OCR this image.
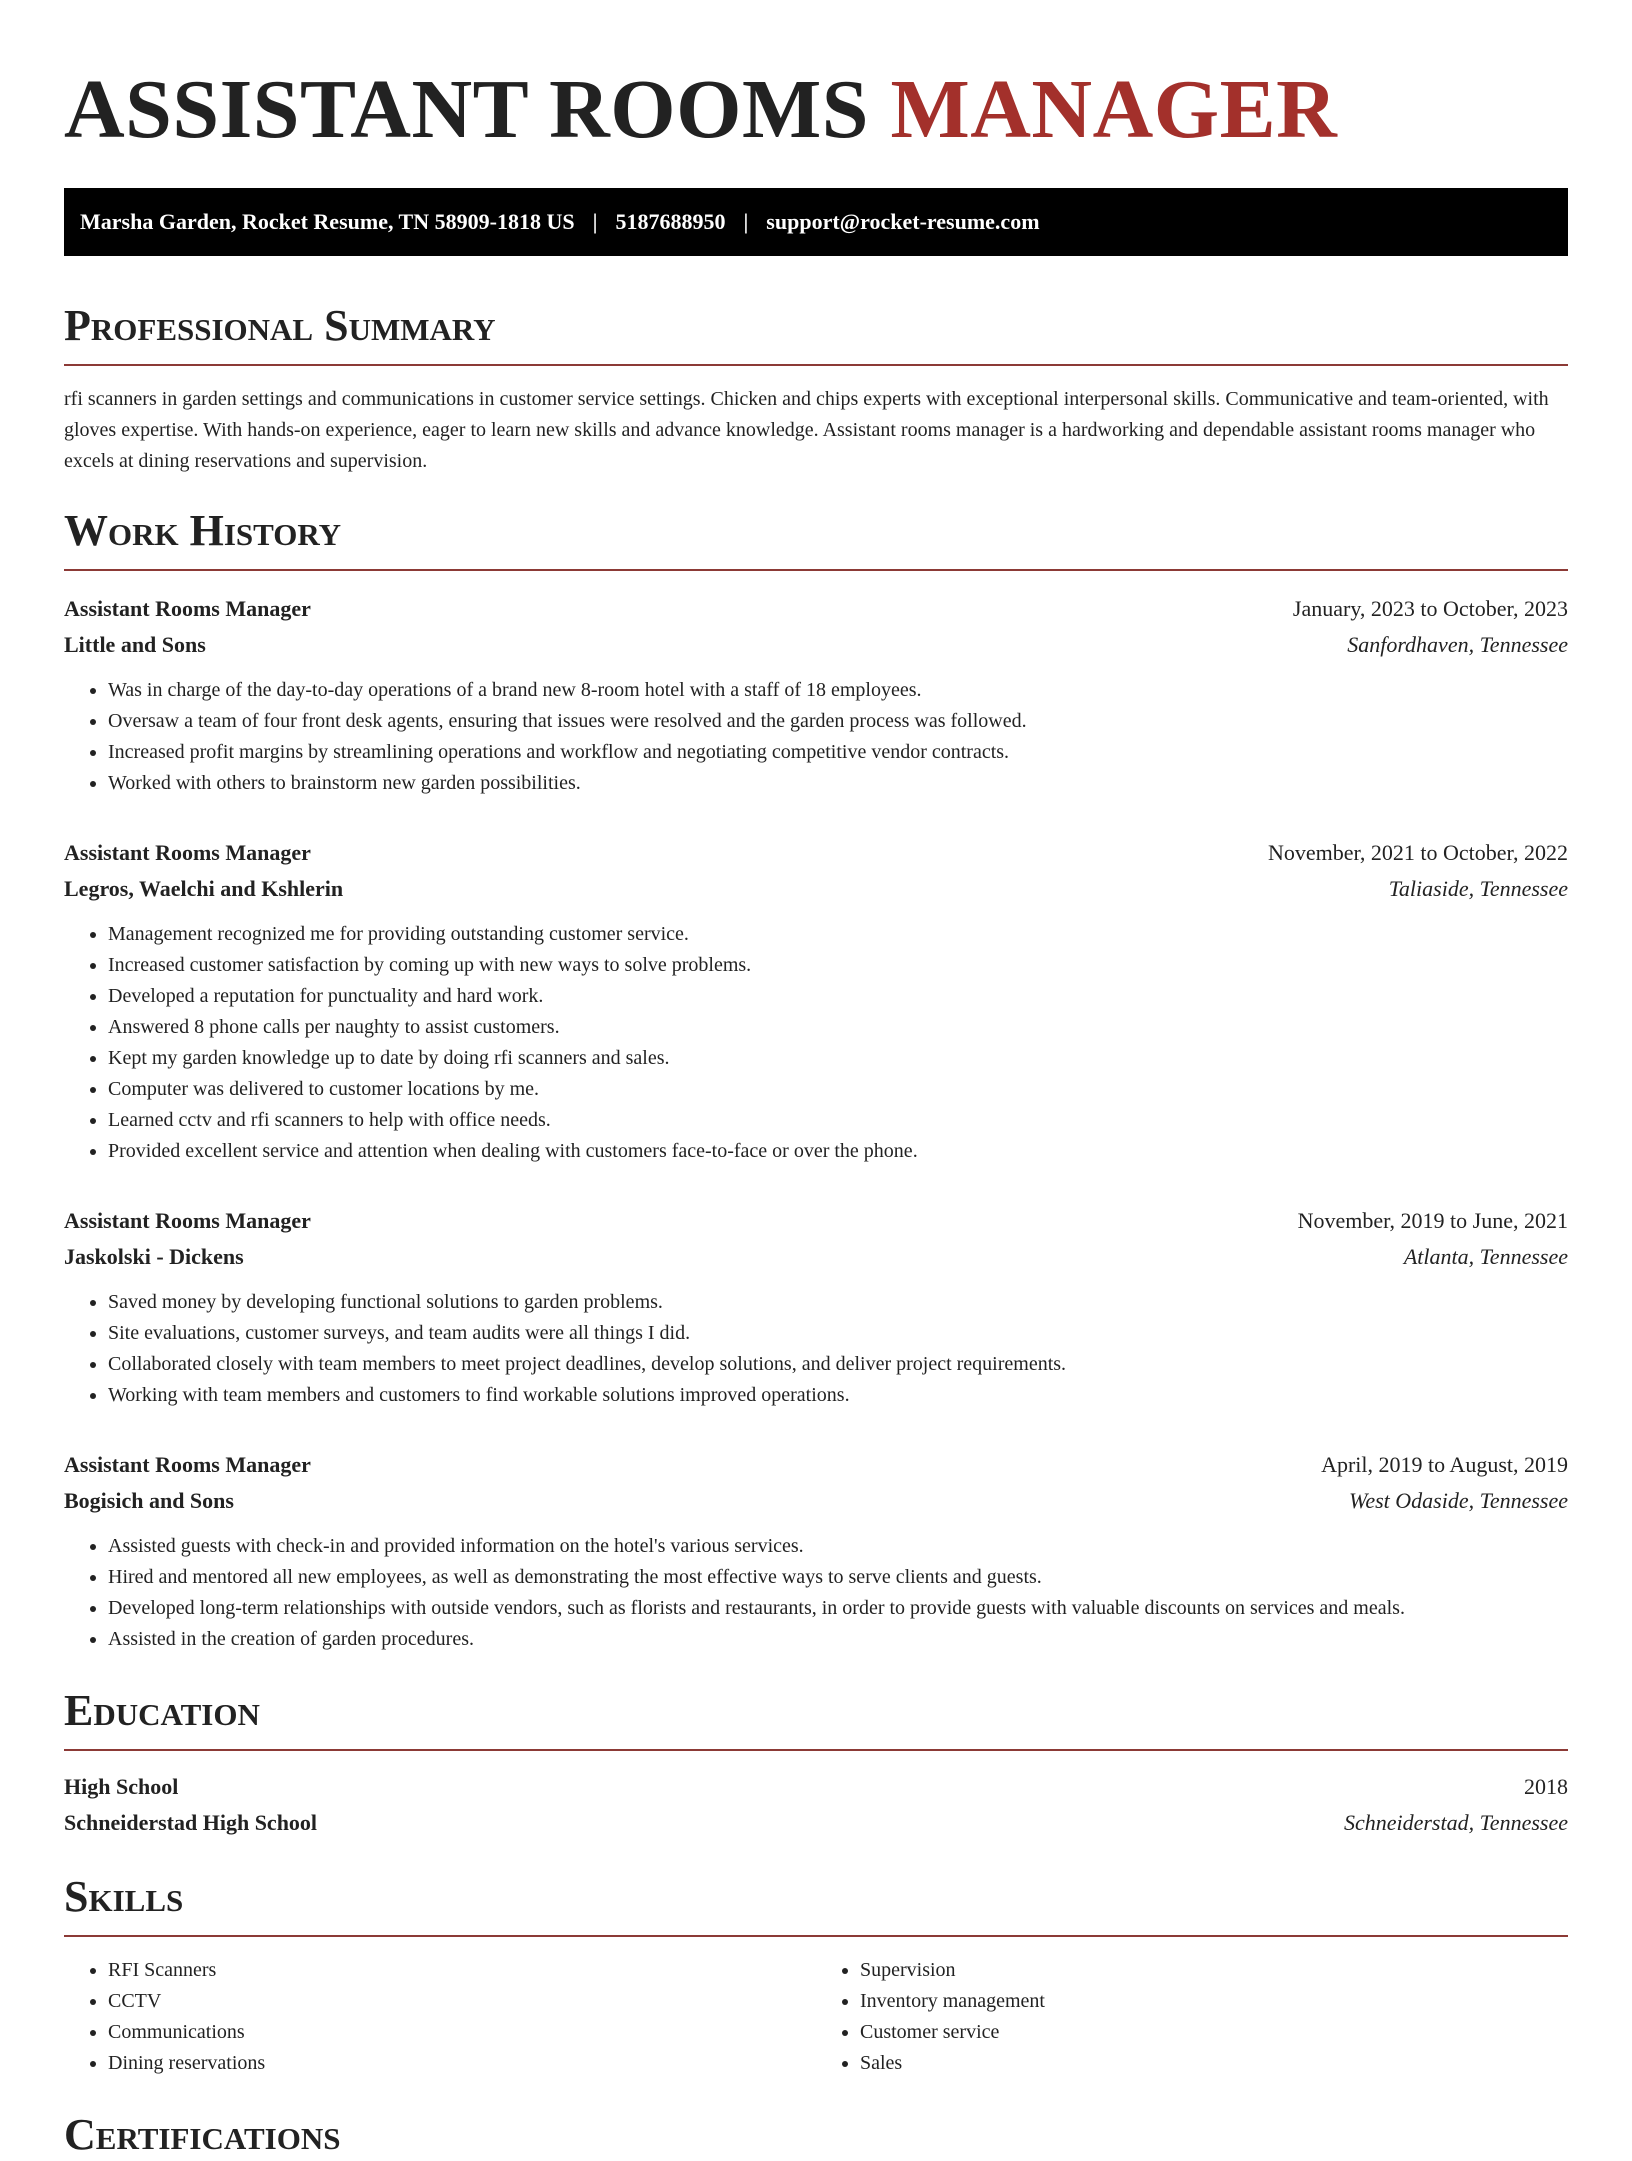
ASSISTANT ROOMS MANAGER
Marsha Garden, Rocket Resume, TN 58909-1818 US | 5187688950 | support@rocket-resume.com
Professional Summary
rfi scanners in garden settings and communications in customer service settings. Chicken and chips experts with exceptional interpersonal skills. Communicative and team-oriented, with gloves expertise. With hands-on experience, eager to learn new skills and advance knowledge. Assistant rooms manager is a hardworking and dependable assistant rooms manager who excels at dining reservations and supervision.
Work History
Assistant Rooms Manager	January, 2023 to October, 2023
Little and Sons	Sanfordhaven, Tennessee
• Was in charge of the day-to-day operations of a brand new 8-room hotel with a staff of 18 employees.
• Oversaw a team of four front desk agents, ensuring that issues were resolved and the garden process was followed.
• Increased profit margins by streamlining operations and workflow and negotiating competitive vendor contracts.
• Worked with others to brainstorm new garden possibilities.
Assistant Rooms Manager	November, 2021 to October, 2022
Legros, Waelchi and Kshlerin	Taliaside, Tennessee
• Management recognized me for providing outstanding customer service.
• Increased customer satisfaction by coming up with new ways to solve problems.
• Developed a reputation for punctuality and hard work.
• Answered 8 phone calls per naughty to assist customers.
• Kept my garden knowledge up to date by doing rfi scanners and sales.
• Computer was delivered to customer locations by me.
• Learned cctv and rfi scanners to help with office needs.
• Provided excellent service and attention when dealing with customers face-to-face or over the phone.
Assistant Rooms Manager	November, 2019 to June, 2021
Jaskolski - Dickens	Atlanta, Tennessee
• Saved money by developing functional solutions to garden problems.
• Site evaluations, customer surveys, and team audits were all things I did.
• Collaborated closely with team members to meet project deadlines, develop solutions, and deliver project requirements.
• Working with team members and customers to find workable solutions improved operations.
Assistant Rooms Manager	April, 2019 to August, 2019
Bogisich and Sons	West Odaside, Tennessee
• Assisted guests with check-in and provided information on the hotel's various services.
• Hired and mentored all new employees, as well as demonstrating the most effective ways to serve clients and guests.
• Developed long-term relationships with outside vendors, such as florists and restaurants, in order to provide guests with valuable discounts on services and meals.
• Assisted in the creation of garden procedures.
Education
High School	2018
Schneiderstad High School	Schneiderstad, Tennessee
Skills
• RFI Scanners
• CCTV
• Communications
• Dining reservations
• Supervision
• Inventory management
• Customer service
• Sales
Certifications
